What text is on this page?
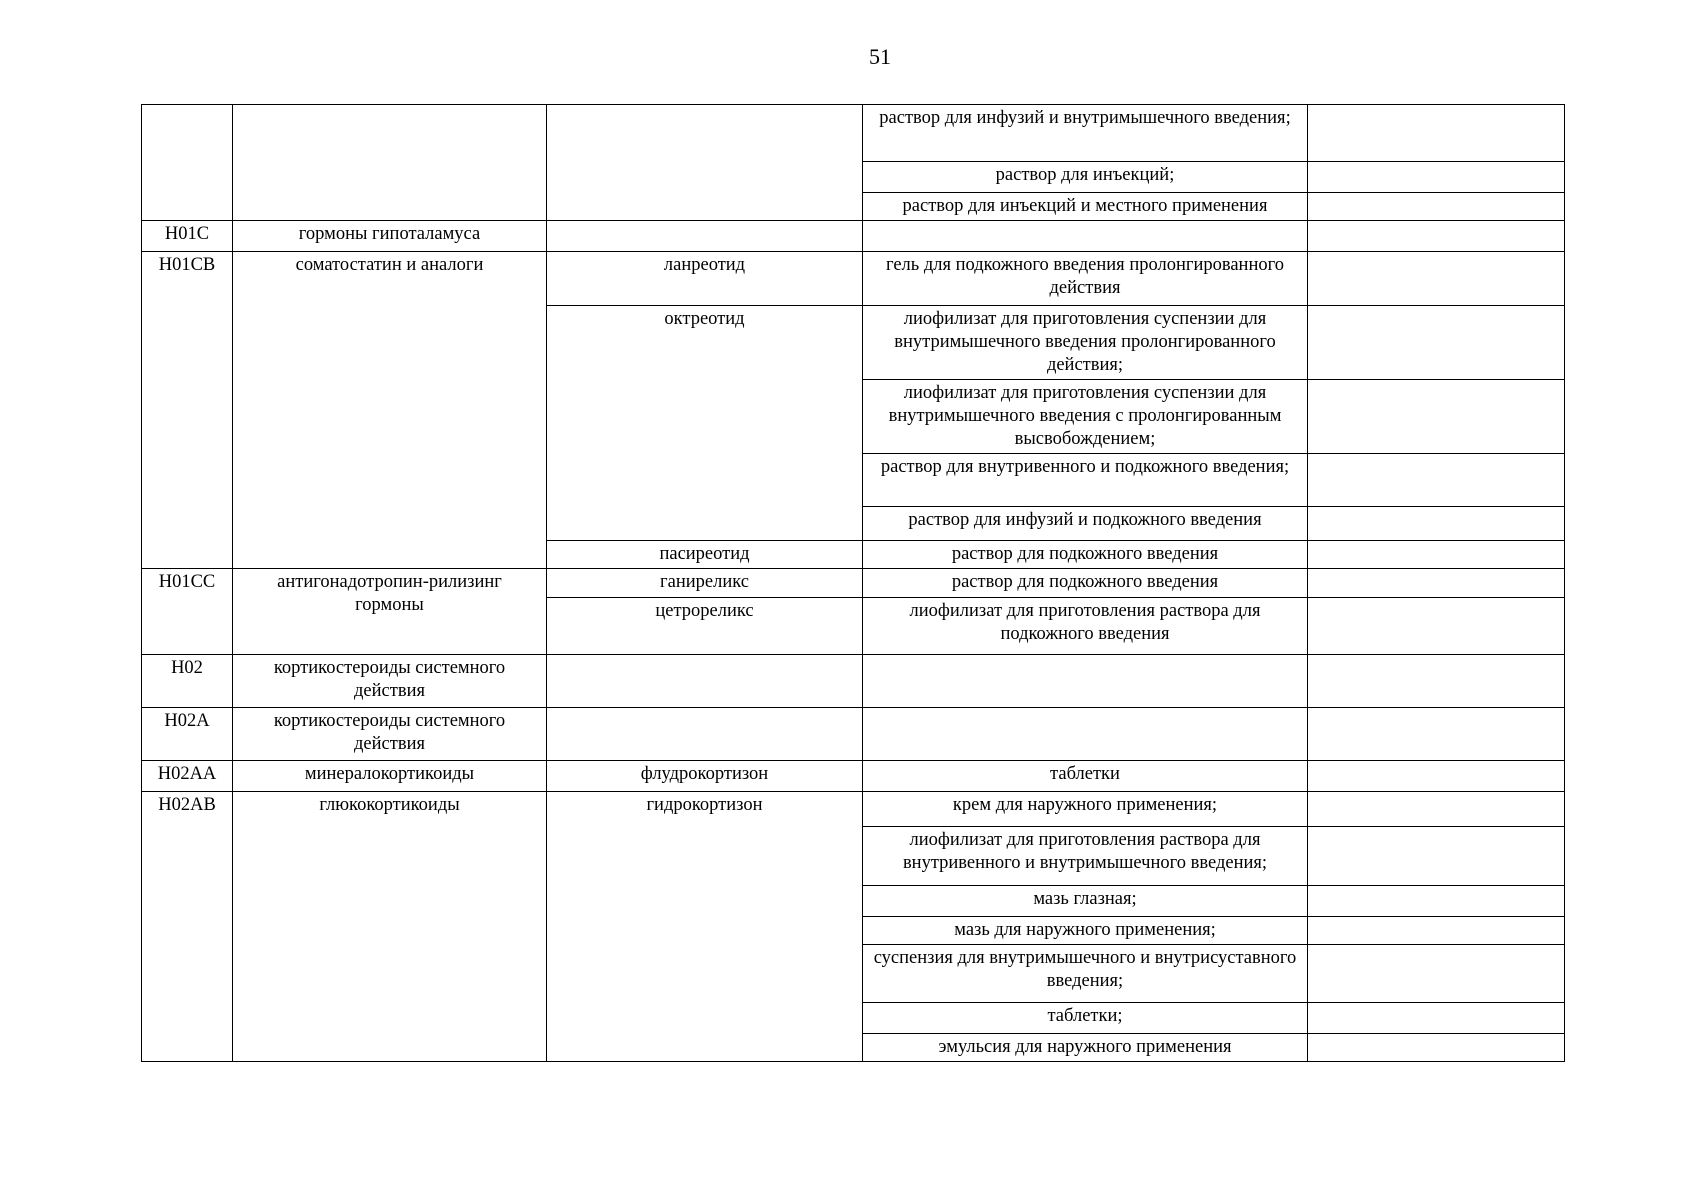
51
			раствор для инфузий и внутримышечного введения;	
			раствор для инъекций;	
			раствор для инъекций и местного применения	
H01C	гормоны гипоталамуса			
H01CB	соматостатин и аналоги	ланреотид	гель для подкожного введения пролонгированного действия	
		октреотид	лиофилизат для приготовления суспензии для внутримышечного введения пролонгированного действия;	
			лиофилизат для приготовления суспензии для внутримышечного введения с пролонгированным высвобождением;	
			раствор для внутривенного и подкожного введения;	
			раствор для инфузий и подкожного введения	
		пасиреотид	раствор для подкожного введения	
H01CC	антигонадотропин-рилизинг гормоны	ганиреликс	раствор для подкожного введения	
		цетрореликс	лиофилизат для приготовления раствора для подкожного введения	
H02	кортикостероиды системного действия			
H02A	кортикостероиды системного действия			
H02AA	минералокортикоиды	флудрокортизон	таблетки	
H02AB	глюкокортикоиды	гидрокортизон	крем для наружного применения;	
			лиофилизат для приготовления раствора для внутривенного и внутримышечного введения;	
			мазь глазная;	
			мазь для наружного применения;	
			суспензия для внутримышечного и внутрисуставного введения;	
			таблетки;	
			эмульсия для наружного применения	
